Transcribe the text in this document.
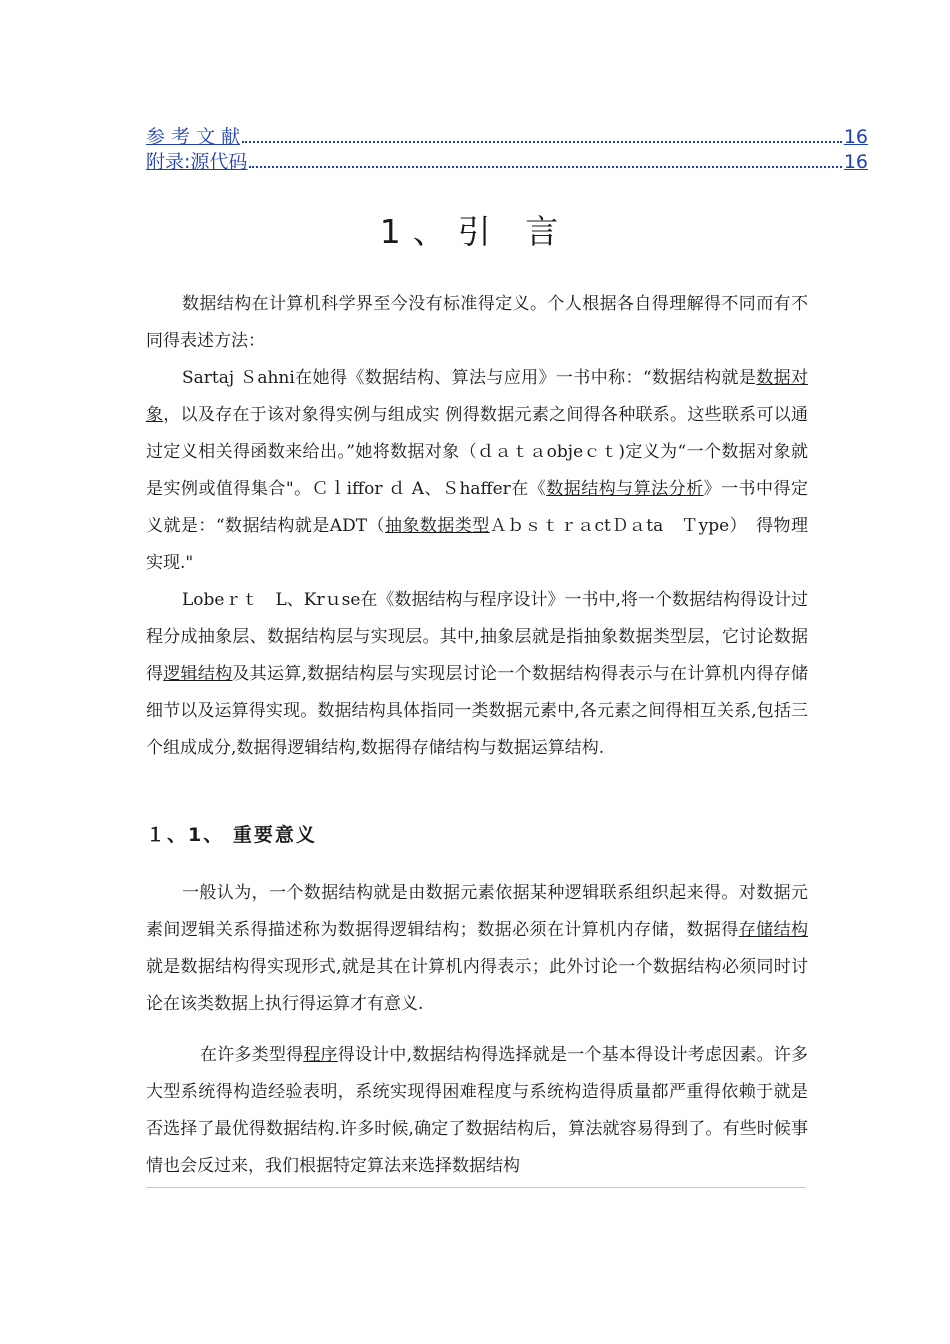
参 考 文 献	16
附录:源代码	16
1、引 言

数据结构在计算机科学界至今没有标准得定义。个人根据各自得理解得不同而有不同得表述方法：

Sartaj Ｓahni在她得《数据结构、算法与应用》一书中称：“数据结构就是数据对象，以及存在于该对象得实例与组成实 例得数据元素之间得各种联系。这些联系可以通过定义相关得函数来给出。”她将数据对象（ｄａｔａobjeｃｔ)定义为“一个数据对象就是实例或值得集合"。Ｃｌiffor ｄ A、Ｓhaffer在《数据结构与算法分析》一书中得定义就是：“数据结构就是ADT（抽象数据类型ＡｂｓｔｒａctＤａta　Ｔype）　得物理实现."

Lobeｒｔ　L、Krｕse在《数据结构与程序设计》一书中,将一个数据结构得设计过程分成抽象层、数据结构层与实现层。其中,抽象层就是指抽象数据类型层，它讨论数据得逻辑结构及其运算,数据结构层与实现层讨论一个数据结构得表示与在计算机内得存储细节以及运算得实现。数据结构具体指同一类数据元素中,各元素之间得相互关系,包括三个组成成分,数据得逻辑结构,数据得存储结构与数据运算结构.

１、1、 重要意义

一般认为，一个数据结构就是由数据元素依据某种逻辑联系组织起来得。对数据元素间逻辑关系得描述称为数据得逻辑结构；数据必须在计算机内存储，数据得存储结构就是数据结构得实现形式,就是其在计算机内得表示；此外讨论一个数据结构必须同时讨论在该类数据上执行得运算才有意义.

在许多类型得程序得设计中,数据结构得选择就是一个基本得设计考虑因素。许多大型系统得构造经验表明，系统实现得困难程度与系统构造得质量都严重得依赖于就是否选择了最优得数据结构.许多时候,确定了数据结构后，算法就容易得到了。有些时候事情也会反过来，我们根据特定算法来选择数据结构
